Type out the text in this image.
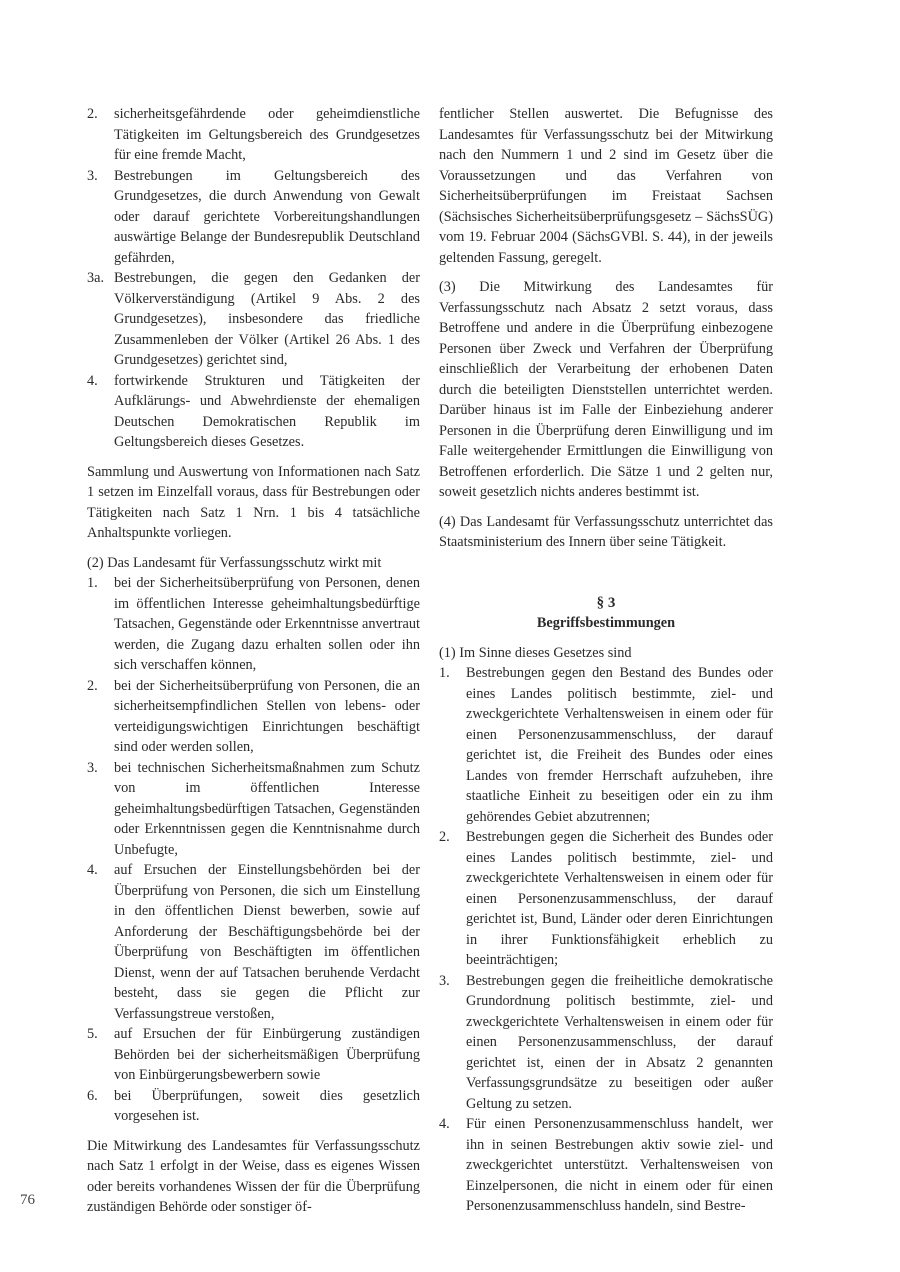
2.	sicherheitsgefährdende oder geheimdienstliche Tätigkeiten im Geltungsbereich des Grundgesetzes für eine fremde Macht,
3.	Bestrebungen im Geltungsbereich des Grundgesetzes, die durch Anwendung von Gewalt oder darauf gerichtete Vorbereitungshandlungen auswärtige Belange der Bundesrepublik Deutschland gefährden,
3a. Bestrebungen, die gegen den Gedanken der Völkerverständigung (Artikel 9 Abs. 2 des Grundgesetzes), insbesondere das friedliche Zusammenleben der Völker (Artikel 26 Abs. 1 des Grundgesetzes) gerichtet sind,
4.	fortwirkende Strukturen und Tätigkeiten der Aufklärungs- und Abwehrdienste der ehemaligen Deutschen Demokratischen Republik im Geltungsbereich dieses Gesetzes.

Sammlung und Auswertung von Informationen nach Satz 1 setzen im Einzelfall voraus, dass für Bestrebungen oder Tätigkeiten nach Satz 1 Nrn. 1 bis 4 tatsächliche Anhaltspunkte vorliegen.

(2) Das Landesamt für Verfassungsschutz wirkt mit

1.	bei der Sicherheitsüberprüfung von Personen, denen im öffentlichen Interesse geheimhaltungsbedürftige Tatsachen, Gegenstände oder Erkenntnisse anvertraut werden, die Zugang dazu erhalten sollen oder ihn sich verschaffen können,
2.	bei der Sicherheitsüberprüfung von Personen, die an sicherheitsempfindlichen Stellen von lebens- oder verteidigungswichtigen Einrichtungen beschäftigt sind oder werden sollen,
3.	bei technischen Sicherheitsmaßnahmen zum Schutz von im öffentlichen Interesse geheimhaltungsbedürftigen Tatsachen, Gegenständen oder Erkenntnissen gegen die Kenntnisnahme durch Unbefugte,
4.	auf Ersuchen der Einstellungsbehörden bei der Überprüfung von Personen, die sich um Einstellung in den öffentlichen Dienst bewerben, sowie auf Anforderung der Beschäftigungsbehörde bei der Überprüfung von Beschäftigten im öffentlichen Dienst, wenn der auf Tatsachen beruhende Verdacht besteht, dass sie gegen die Pflicht zur Verfassungstreue verstoßen,
5.	auf Ersuchen der für Einbürgerung zuständigen Behörden bei der sicherheitsmäßigen Überprüfung von Einbürgerungsbewerbern sowie
6.	bei Überprüfungen, soweit dies gesetzlich vorgesehen ist.

Die Mitwirkung des Landesamtes für Verfassungsschutz nach Satz 1 erfolgt in der Weise, dass es eigenes Wissen oder bereits vorhandenes Wissen der für die Überprüfung zuständigen Behörde oder sonstiger öf-

fentlicher Stellen auswertet. Die Befugnisse des Landesamtes für Verfassungsschutz bei der Mitwirkung nach den Nummern 1 und 2 sind im Gesetz über die Voraussetzungen und das Verfahren von Sicherheitsüberprüfungen im Freistaat Sachsen (Sächsisches Sicherheitsüberprüfungsgesetz – SächsSÜG) vom 19. Februar 2004 (SächsGVBl. S. 44), in der jeweils geltenden Fassung, geregelt.

(3) Die Mitwirkung des Landesamtes für Verfassungsschutz nach Absatz 2 setzt voraus, dass Betroffene und andere in die Überprüfung einbezogene Personen über Zweck und Verfahren der Überprüfung einschließlich der Verarbeitung der erhobenen Daten durch die beteiligten Dienststellen unterrichtet werden. Darüber hinaus ist im Falle der Einbeziehung anderer Personen in die Überprüfung deren Einwilligung und im Falle weitergehender Ermittlungen die Einwilligung von Betroffenen erforderlich. Die Sätze 1 und 2 gelten nur, soweit gesetzlich nichts anderes bestimmt ist.

(4) Das Landesamt für Verfassungsschutz unterrichtet das Staatsministerium des Innern über seine Tätigkeit.

§ 3
Begriffsbestimmungen

(1) Im Sinne dieses Gesetzes sind

1.	Bestrebungen gegen den Bestand des Bundes oder eines Landes politisch bestimmte, ziel- und zweckgerichtete Verhaltensweisen in einem oder für einen Personenzusammenschluss, der darauf gerichtet ist, die Freiheit des Bundes oder eines Landes von fremder Herrschaft aufzuheben, ihre staatliche Einheit zu beseitigen oder ein zu ihm gehörendes Gebiet abzutrennen;
2.	Bestrebungen gegen die Sicherheit des Bundes oder eines Landes politisch bestimmte, ziel- und zweckgerichtete Verhaltensweisen in einem oder für einen Personenzusammenschluss, der darauf gerichtet ist, Bund, Länder oder deren Einrichtungen in ihrer Funktionsfähigkeit erheblich zu beeinträchtigen;
3.	Bestrebungen gegen die freiheitliche demokratische Grundordnung politisch bestimmte, ziel- und zweckgerichtete Verhaltensweisen in einem oder für einen Personenzusammenschluss, der darauf gerichtet ist, einen der in Absatz 2 genannten Verfassungsgrundsätze zu beseitigen oder außer Geltung zu setzen.
4.	Für einen Personenzusammenschluss handelt, wer ihn in seinen Bestrebungen aktiv sowie ziel- und zweckgerichtet unterstützt. Verhaltensweisen von Einzelpersonen, die nicht in einem oder für einen Personenzusammenschluss handeln, sind Bestre-
76
